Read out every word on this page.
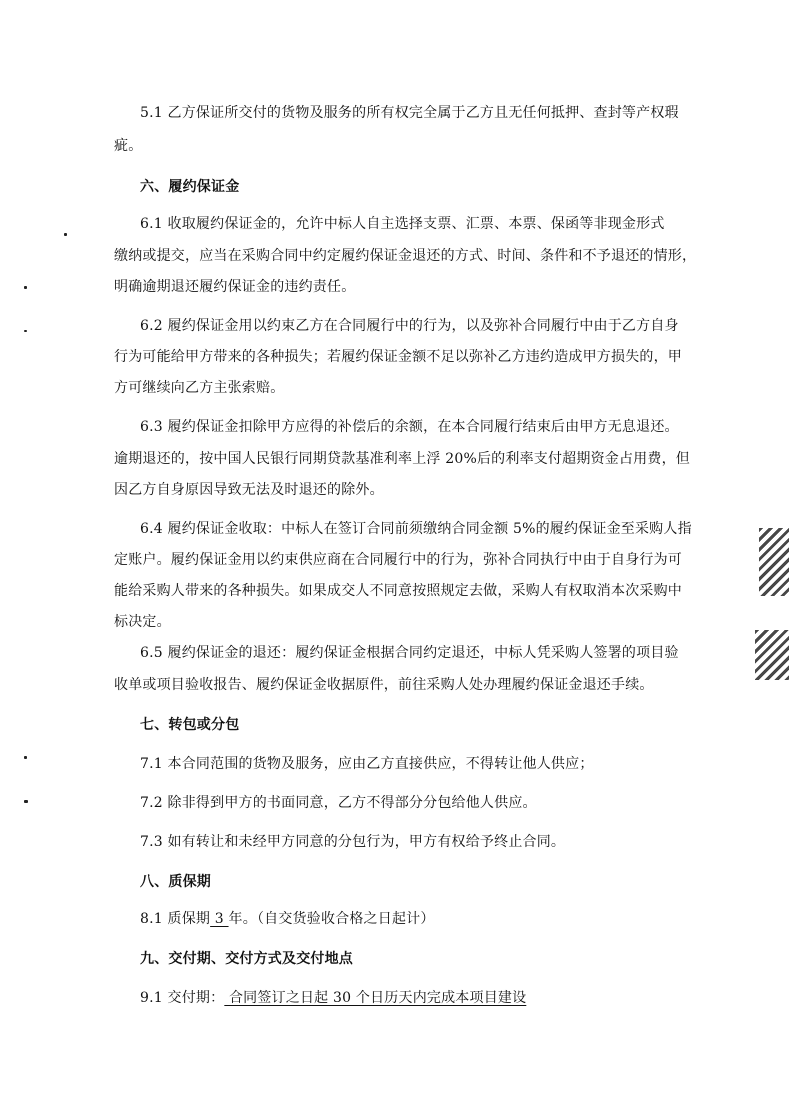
5.1 乙方保证所交付的货物及服务的所有权完全属于乙方且无任何抵押、查封等产权瑕
疵。
六、履约保证金
6.1 收取履约保证金的，允许中标人自主选择支票、汇票、本票、保函等非现金形式
缴纳或提交，应当在采购合同中约定履约保证金退还的方式、时间、条件和不予退还的情形，
明确逾期退还履约保证金的违约责任。
6.2 履约保证金用以约束乙方在合同履行中的行为，以及弥补合同履行中由于乙方自身
行为可能给甲方带来的各种损失；若履约保证金额不足以弥补乙方违约造成甲方损失的，甲
方可继续向乙方主张索赔。
6.3 履约保证金扣除甲方应得的补偿后的余额，在本合同履行结束后由甲方无息退还。
逾期退还的，按中国人民银行同期贷款基准利率上浮 20%后的利率支付超期资金占用费，但
因乙方自身原因导致无法及时退还的除外。
6.4 履约保证金收取：中标人在签订合同前须缴纳合同金额 5%的履约保证金至采购人指
定账户。履约保证金用以约束供应商在合同履行中的行为，弥补合同执行中由于自身行为可
能给采购人带来的各种损失。如果成交人不同意按照规定去做，采购人有权取消本次采购中
标决定。
6.5 履约保证金的退还：履约保证金根据合同约定退还，中标人凭采购人签署的项目验
收单或项目验收报告、履约保证金收据原件，前往采购人处办理履约保证金退还手续。
七、转包或分包
7.1 本合同范围的货物及服务，应由乙方直接供应，不得转让他人供应；
7.2 除非得到甲方的书面同意，乙方不得部分分包给他人供应。
7.3 如有转让和未经甲方同意的分包行为，甲方有权给予终止合同。
八、质保期
8.1 质保期 3 年。（自交货验收合格之日起计）
九、交付期、交付方式及交付地点
9.1 交付期： 合同签订之日起 30 个日历天内完成本项目建设
